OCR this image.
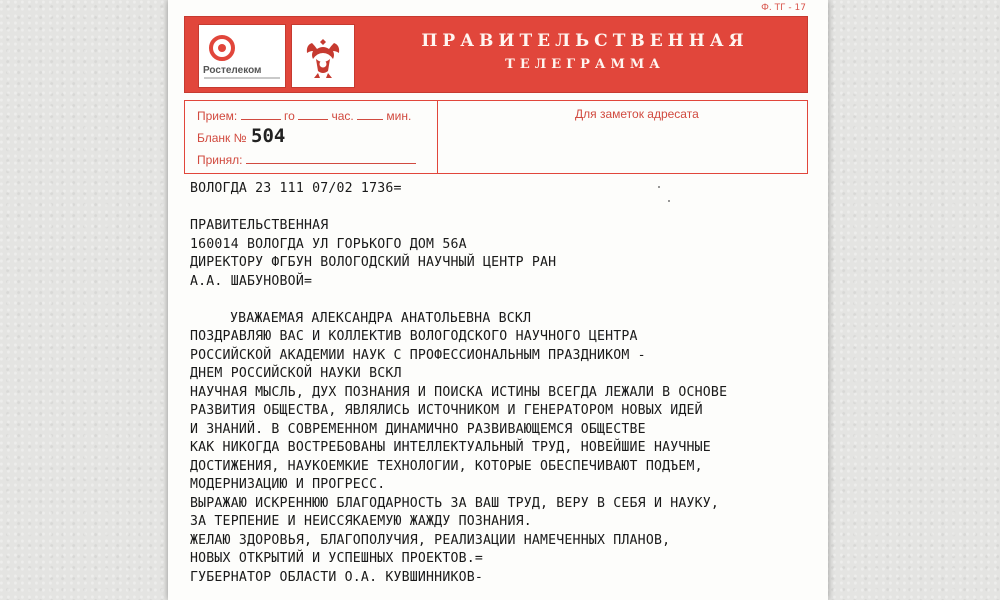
Ф. ТГ - 17
Ростелеком
ПРАВИТЕЛЬСТВЕННАЯ
ТЕЛЕГРАММА
Прием:	го	час.	мин.
Бланк № 504
Принял:
Для заметок адресата
ВОЛОГДА 23 111 07/02 1736=
ПРАВИТЕЛЬСТВЕННАЯ
160014 ВОЛОГДА УЛ ГОРЬКОГО ДОМ 56А
ДИРЕКТОРУ ФГБУН ВОЛОГОДСКИЙ НАУЧНЫЙ ЦЕНТР РАН
А.А. ШАБУНОВОЙ=
УВАЖАЕМАЯ АЛЕКСАНДРА АНАТОЛЬЕВНА ВСКЛ
ПОЗДРАВЛЯЮ ВАС И КОЛЛЕКТИВ ВОЛОГОДСКОГО НАУЧНОГО ЦЕНТРА
РОССИЙСКОЙ АКАДЕМИИ НАУК С ПРОФЕССИОНАЛЬНЫМ ПРАЗДНИКОМ -
ДНЕМ РОССИЙСКОЙ НАУКИ ВСКЛ
НАУЧНАЯ МЫСЛЬ, ДУХ ПОЗНАНИЯ И ПОИСКА ИСТИНЫ ВСЕГДА ЛЕЖАЛИ В ОСНОВЕ
РАЗВИТИЯ ОБЩЕСТВА, ЯВЛЯЛИСЬ ИСТОЧНИКОМ И ГЕНЕРАТОРОМ НОВЫХ ИДЕЙ
И ЗНАНИЙ. В СОВРЕМЕННОМ ДИНАМИЧНО РАЗВИВАЮЩЕМСЯ ОБЩЕСТВЕ
КАК НИКОГДА ВОСТРЕБОВАНЫ ИНТЕЛЛЕКТУАЛЬНЫЙ ТРУД, НОВЕЙШИЕ НАУЧНЫЕ
ДОСТИЖЕНИЯ, НАУКОЕМКИЕ ТЕХНОЛОГИИ, КОТОРЫЕ ОБЕСПЕЧИВАЮТ ПОДЪЕМ,
МОДЕРНИЗАЦИЮ И ПРОГРЕСС.
ВЫРАЖАЮ ИСКРЕННЮЮ БЛАГОДАРНОСТЬ ЗА ВАШ ТРУД, ВЕРУ В СЕБЯ И НАУКУ,
ЗА ТЕРПЕНИЕ И НЕИССЯКАЕМУЮ ЖАЖДУ ПОЗНАНИЯ.
ЖЕЛАЮ ЗДОРОВЬЯ, БЛАГОПОЛУЧИЯ, РЕАЛИЗАЦИИ НАМЕЧЕННЫХ ПЛАНОВ,
НОВЫХ ОТКРЫТИЙ И УСПЕШНЫХ ПРОЕКТОВ.=
ГУБЕРНАТОР ОБЛАСТИ О.А. КУВШИННИКОВ-
